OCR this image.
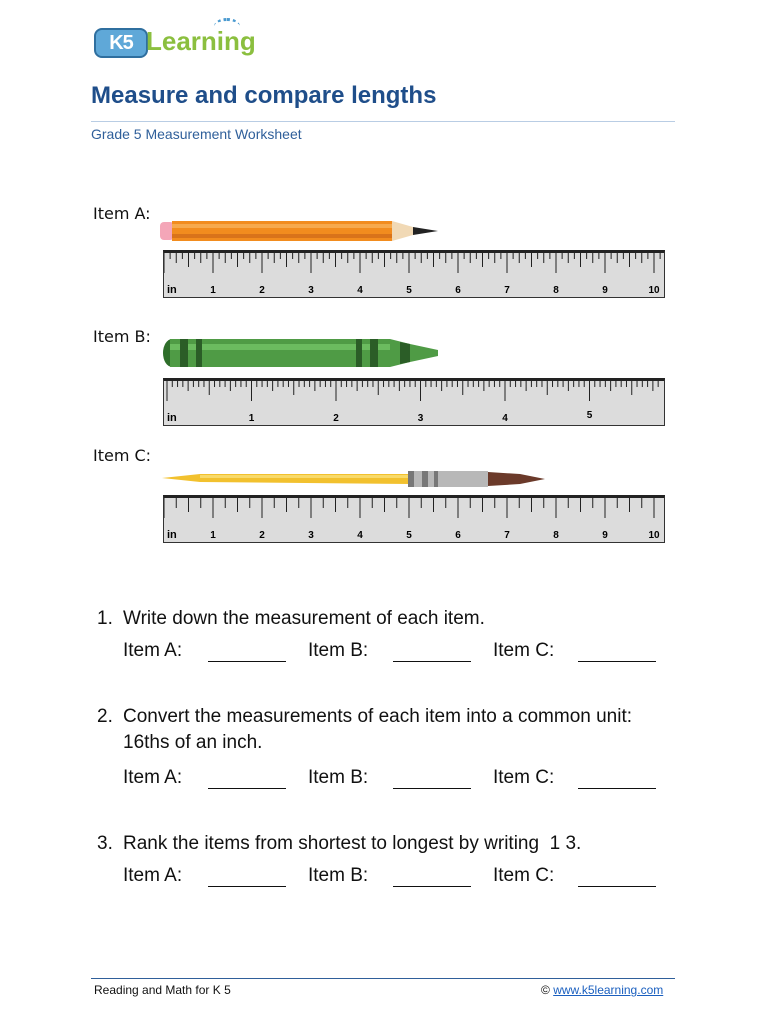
K5 Learning
Measure and compare lengths
Grade 5 Measurement Worksheet
Item A:
in	1	2	3	4	5	6	7	8	9	10
Item B:
in	1	2	3	4	5
Item C:
in	1	2	3	4	5	6	7	8	9	10
1. Write down the measurement of each item.
Item A:	Item B:	Item C:
2. Convert the measurements of each item into a common unit:
16ths of an inch.
Item A:	Item B:	Item C:
3. Rank the items from shortest to longest by writing  1 3.
Item A:	Item B:	Item C:
Reading and Math for K 5	© www.k5learning.com
